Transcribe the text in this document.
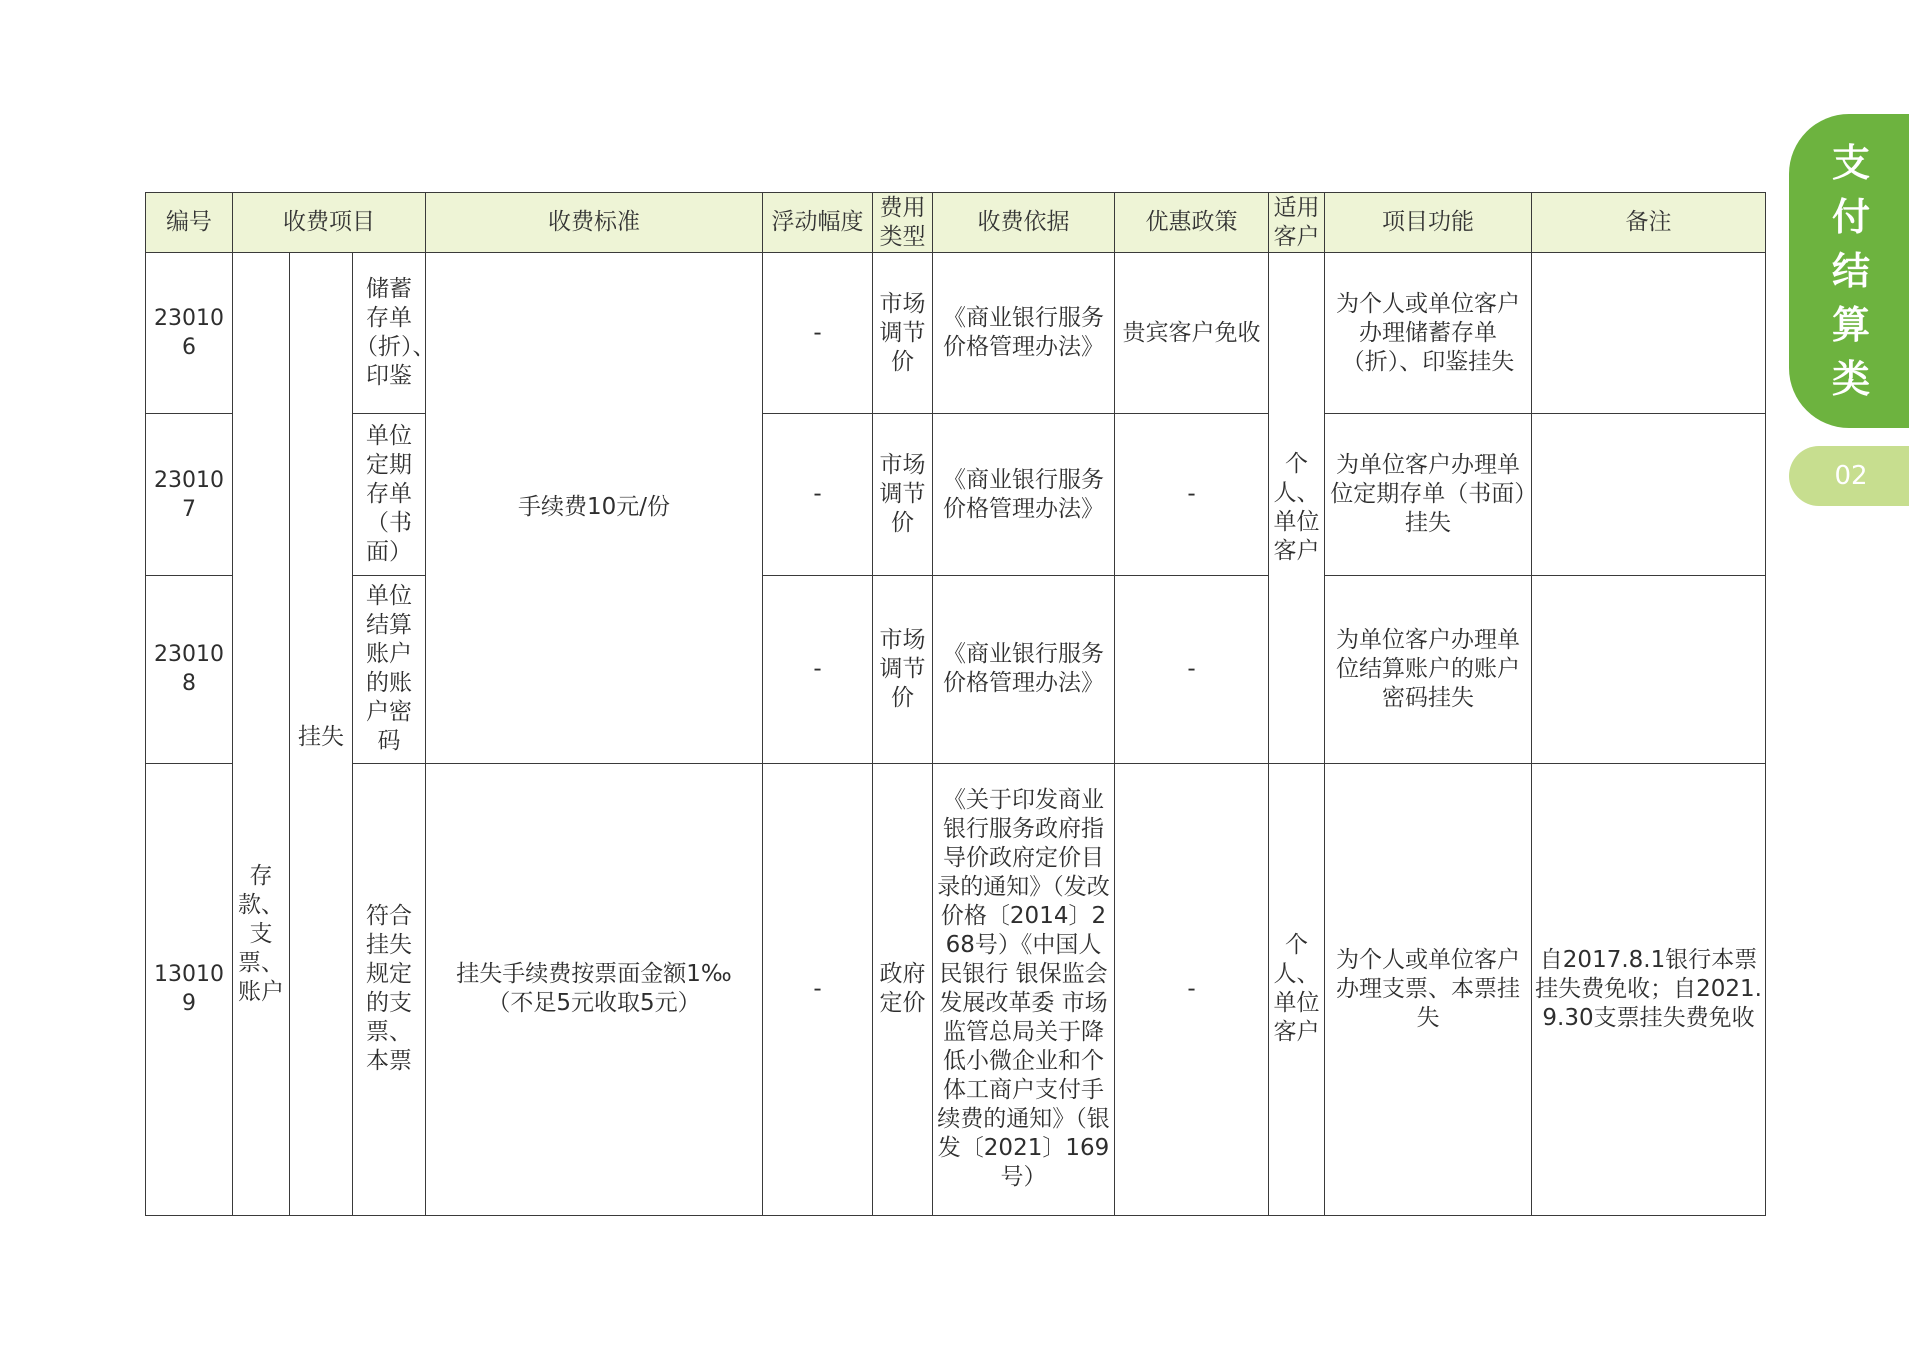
支
付
结
算
类
02
编号	收费项目			收费标准	浮动幅度	费用类型	收费依据	优惠政策	适用客户	项目功能	备注
230106	存款、支票、账户	挂失	储蓄存单（折）、印鉴	手续费10元/份	-	市场调节价	《商业银行服务价格管理办法》	贵宾客户免收	个人、单位客户	为个人或单位客户办理储蓄存单（折）、印鉴挂失	
230107			单位定期存单（书面）		-	市场调节价	《商业银行服务价格管理办法》	-		为单位客户办理单位定期存单（书面）挂失	
230108			单位结算账户的账户密码		-	市场调节价	《商业银行服务价格管理办法》	-		为单位客户办理单位结算账户的账户密码挂失	
130109			符合挂失规定的支票、本票	挂失手续费按票面金额1‰（不足5元收取5元）	-	政府定价	《关于印发商业银行服务政府指导价政府定价目录的通知》（发改价格〔2014〕268号）《中国人民银行 银保监会 发展改革委 市场监管总局关于降低小微企业和个体工商户支付手续费的通知》（银发〔2021〕169号）	-	个人、单位客户	为个人或单位客户办理支票、本票挂失	自2017.8.1银行本票挂失费免收；自2021.9.30支票挂失费免收
